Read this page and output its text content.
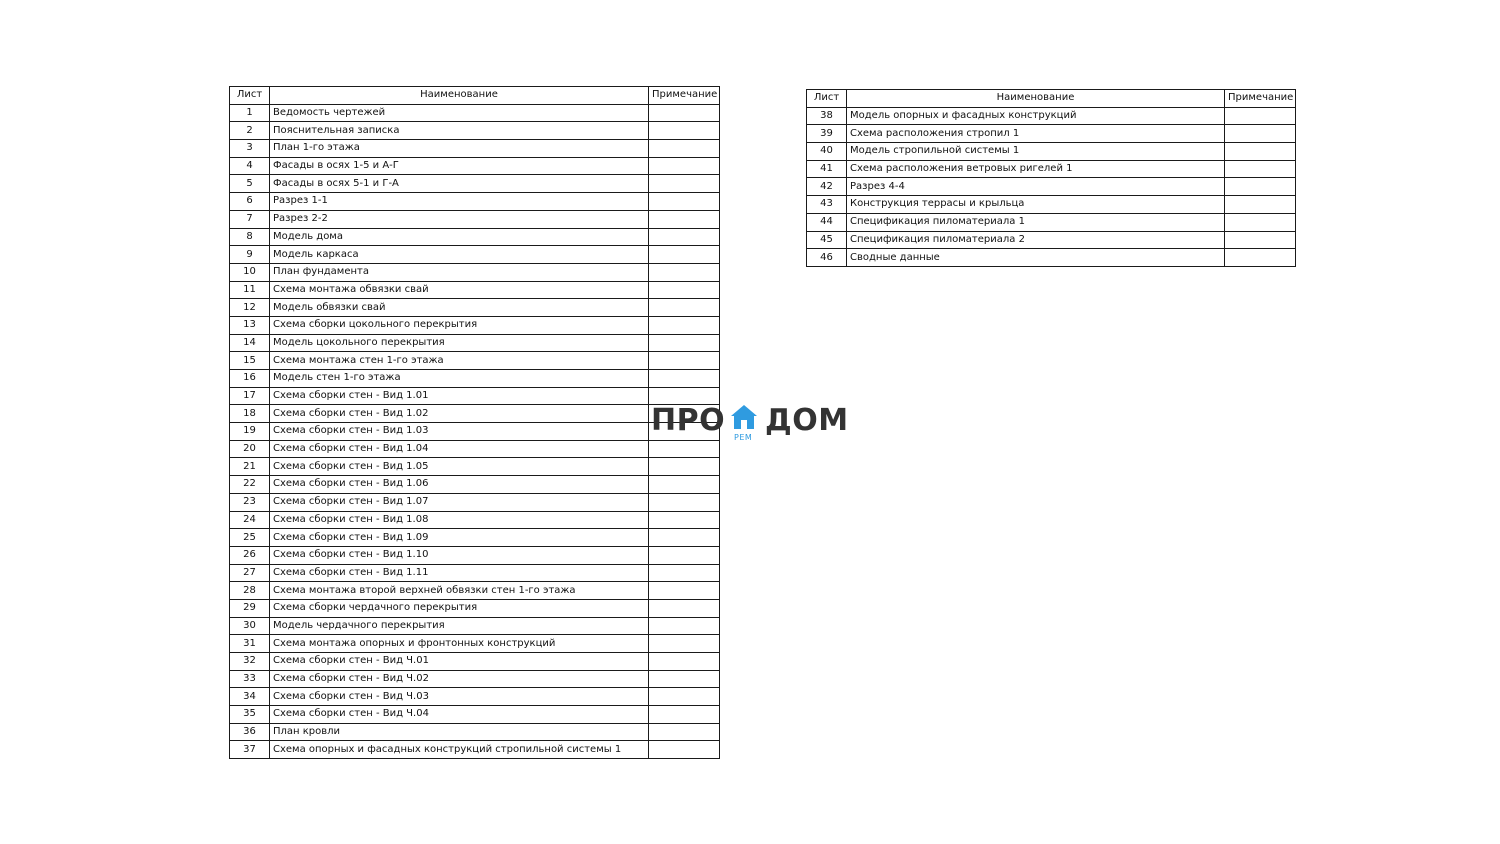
Лист	Наименование	Примечание
1	Ведомость чертежей	
2	Пояснительная записка	
3	План 1-го этажа	
4	Фасады в осях 1-5 и А-Г	
5	Фасады в осях 5-1 и Г-А	
6	Разрез 1-1	
7	Разрез 2-2	
8	Модель дома	
9	Модель каркаса	
10	План фундамента	
11	Схема монтажа обвязки свай	
12	Модель обвязки свай	
13	Схема сборки цокольного перекрытия	
14	Модель цокольного перекрытия	
15	Схема монтажа стен 1-го этажа	
16	Модель стен 1-го этажа	
17	Схема сборки стен - Вид 1.01	
18	Схема сборки стен - Вид 1.02	
19	Схема сборки стен - Вид 1.03	
20	Схема сборки стен - Вид 1.04	
21	Схема сборки стен - Вид 1.05	
22	Схема сборки стен - Вид 1.06	
23	Схема сборки стен - Вид 1.07	
24	Схема сборки стен - Вид 1.08	
25	Схема сборки стен - Вид 1.09	
26	Схема сборки стен - Вид 1.10	
27	Схема сборки стен - Вид 1.11	
28	Схема монтажа второй верхней обвязки стен 1-го этажа	
29	Схема сборки чердачного перекрытия	
30	Модель чердачного перекрытия	
31	Схема монтажа опорных и фронтонных конструкций	
32	Схема сборки стен - Вид Ч.01	
33	Схема сборки стен - Вид Ч.02	
34	Схема сборки стен - Вид Ч.03	
35	Схема сборки стен - Вид Ч.04	
36	План кровли	
37	Схема опорных и фасадных конструкций стропильной системы 1	
Лист	Наименование	Примечание
38	Модель опорных и фасадных конструкций	
39	Схема расположения стропил 1	
40	Модель стропильной системы 1	
41	Схема расположения ветровых ригелей 1	
42	Разрез 4-4	
43	Конструкция террасы и крыльца	
44	Спецификация пиломатериала 1	
45	Спецификация пиломатериала 2	
46	Сводные данные	
ПРО РЕМ ДОМ
